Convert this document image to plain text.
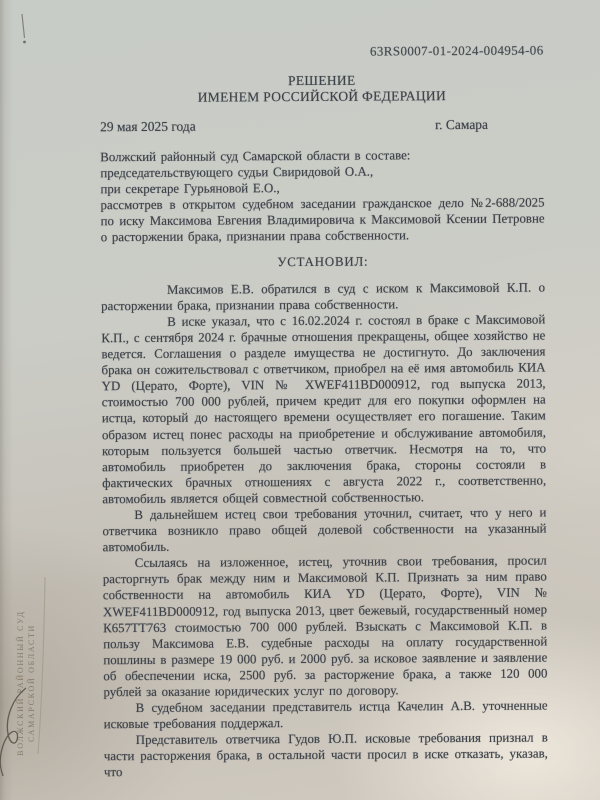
63RS0007-01-2024-004954-06
РЕШЕНИЕ
ИМЕНЕМ РОССИЙСКОЙ ФЕДЕРАЦИИ
29 мая 2025 года	г. Самара
Волжский районный суд Самарской области в составе:
председательствующего судьи Свиридовой О.А.,
при секретаре Гурьяновой Е.О.,

рассмотрев в открытом судебном заседании гражданское дело №2-688/2025 по иску Максимова Евгения Владимировича к Максимовой Ксении Петровне о расторжении брака, признании права собственности.

УСТАНОВИЛ:

Максимов Е.В. обратился в суд с иском к Максимовой К.П. о расторжении брака, признании права собственности.

В иске указал, что с 16.02.2024 г. состоял в браке с Максимовой К.П., с сентября 2024 г. брачные отношения прекращены, общее хозяйство не ведется. Соглашения о разделе имущества не достигнуто. До заключения брака он сожительствовал с ответчиком, приобрел на её имя автомобиль КИА YD (Церато, Форте), VIN № XWEF411BD000912, год выпуска 2013, стоимостью 700 000 рублей, причем кредит для его покупки оформлен на истца, который до настоящего времени осуществляет его погашение. Таким образом истец понес расходы на приобретение и обслуживание автомобиля, которым пользуется большей частью ответчик. Несмотря на то, что автомобиль приобретен до заключения брака, стороны состояли в фактических брачных отношениях с августа 2022 г., соответственно, автомобиль является общей совместной собственностью.

В дальнейшем истец свои требования уточнил, считает, что у него и ответчика возникло право общей долевой собственности на указанный автомобиль.

Ссылаясь на изложенное, истец, уточнив свои требования, просил расторгнуть брак между ним и Максимовой К.П. Признать за ним право собственности на автомобиль КИА YD (Церато, Форте), VIN № XWEF411BD000912, год выпуска 2013, цвет бежевый, государственный номер К657ТТ763 стоимостью 700 000 рублей. Взыскать с Максимовой К.П. в пользу Максимова Е.В. судебные расходы на оплату государственной пошлины в размере 19 000 руб. и 2000 руб. за исковое заявление и заявление об обеспечении иска, 2500 руб. за расторжение брака, а также 120 000 рублей за оказание юридических услуг по договору.

В судебном заседании представитель истца Качелин А.В. уточненные исковые требования поддержал.

Представитель ответчика Гудов Ю.П. исковые требования признал в части расторжения брака, в остальной части просил в иске отказать, указав, что

ВОЛЖСКИЙ РАЙОННЫЙ СУД САМАРСКОЙ ОБЛАСТИ
